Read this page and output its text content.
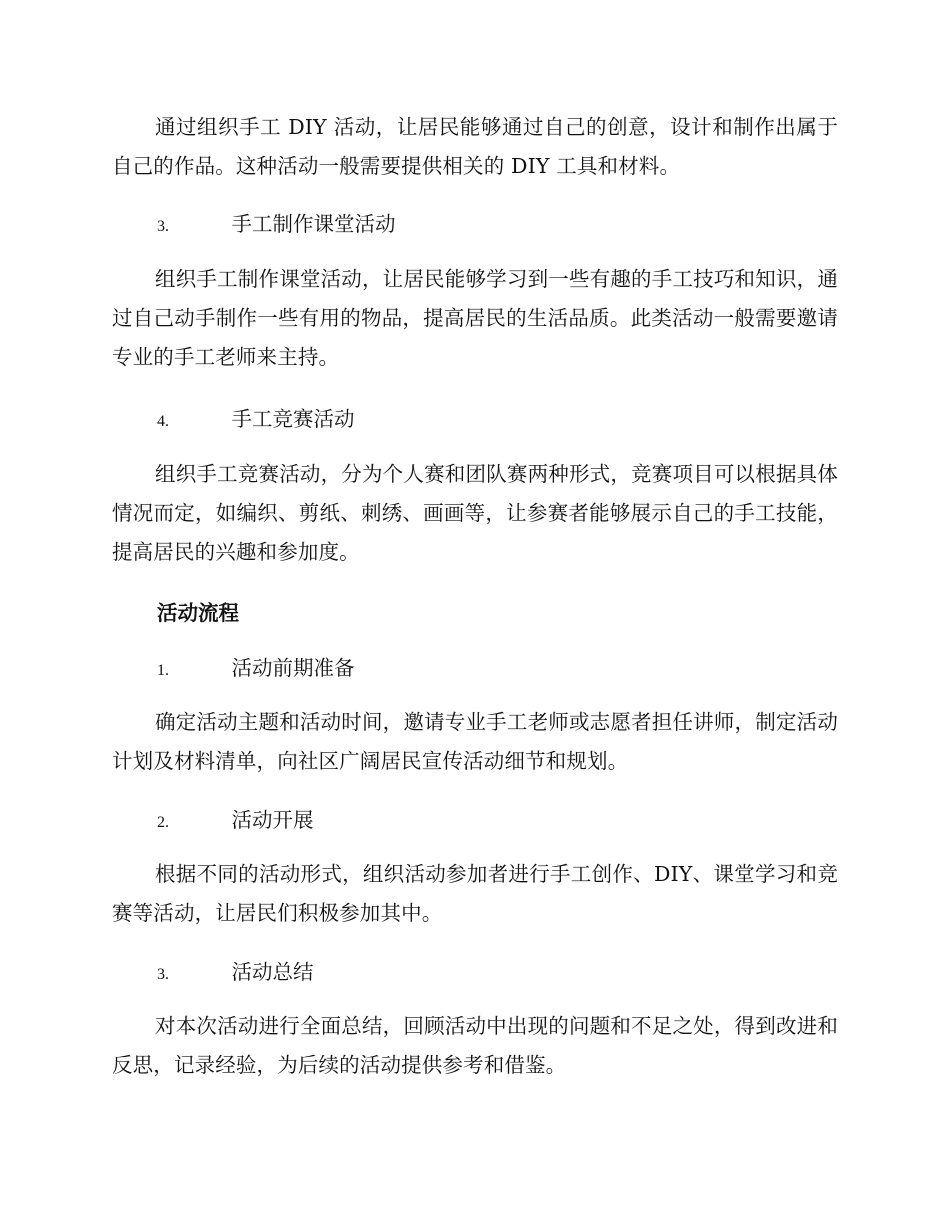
通过组织手工 DIY 活动，让居民能够通过自己的创意，设计和制作出属于自己的作品。这种活动一般需要提供相关的 DIY 工具和材料。

3.	手工制作课堂活动

组织手工制作课堂活动，让居民能够学习到一些有趣的手工技巧和知识，通过自己动手制作一些有用的物品，提高居民的生活品质。此类活动一般需要邀请专业的手工老师来主持。

4.	手工竞赛活动

组织手工竞赛活动，分为个人赛和团队赛两种形式，竞赛项目可以根据具体情况而定，如编织、剪纸、刺绣、画画等，让参赛者能够展示自己的手工技能，提高居民的兴趣和参加度。

活动流程
1.	活动前期准备

确定活动主题和活动时间，邀请专业手工老师或志愿者担任讲师，制定活动计划及材料清单，向社区广阔居民宣传活动细节和规划。

2.	活动开展

根据不同的活动形式，组织活动参加者进行手工创作、DIY、课堂学习和竞赛等活动，让居民们积极参加其中。

3.	活动总结

对本次活动进行全面总结，回顾活动中出现的问题和不足之处，得到改进和反思，记录经验，为后续的活动提供参考和借鉴。
